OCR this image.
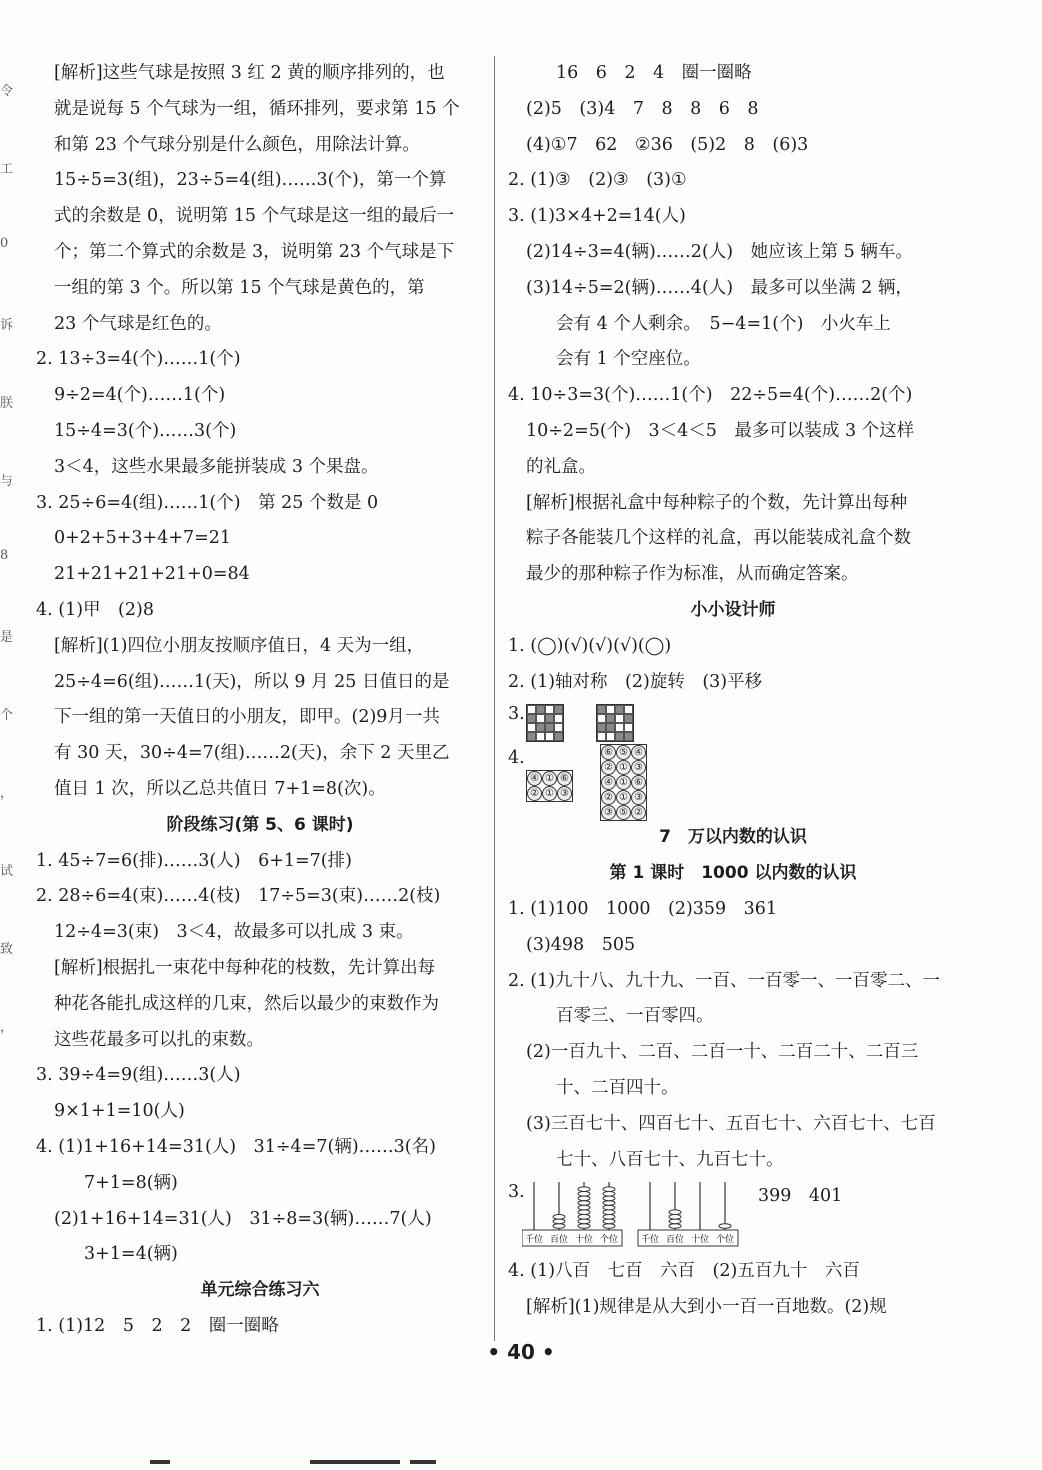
令
工
0
诉
朕
与
8
是
个
，
试
致
，
[解析]这些气球是按照 3 红 2 黄的顺序排列的，也
就是说每 5 个气球为一组，循环排列，要求第 15 个
和第 23 个气球分别是什么颜色，用除法计算。
15÷5=3(组)，23÷5=4(组)……3(个)，第一个算
式的余数是 0，说明第 15 个气球是这一组的最后一
个；第二个算式的余数是 3，说明第 23 个气球是下
一组的第 3 个。所以第 15 个气球是黄色的，第
23 个气球是红色的。
2. 13÷3=4(个)……1(个)
9÷2=4(个)……1(个)
15÷4=3(个)……3(个)
3＜4，这些水果最多能拼装成 3 个果盘。
3. 25÷6=4(组)……1(个)　第 25 个数是 0
0+2+5+3+4+7=21
21+21+21+21+0=84
4. (1)甲　(2)8
[解析](1)四位小朋友按顺序值日，4 天为一组，
25÷4=6(组)……1(天)，所以 9 月 25 日值日的是
下一组的第一天值日的小朋友，即甲。(2)9月一共
有 30 天，30÷4=7(组)……2(天)，余下 2 天里乙
值日 1 次，所以乙总共值日 7+1=8(次)。
阶段练习(第 5、6 课时)
1. 45÷7=6(排)……3(人)　6+1=7(排)
2. 28÷6=4(束)……4(枝)　17÷5=3(束)……2(枝)
12÷4=3(束)　3＜4，故最多可以扎成 3 束。
[解析]根据扎一束花中每种花的枝数，先计算出每
种花各能扎成这样的几束，然后以最少的束数作为
这些花最多可以扎的束数。
3. 39÷4=9(组)……3(人)
9×1+1=10(人)
4. (1)1+16+14=31(人)　31÷4=7(辆)……3(名)
7+1=8(辆)
(2)1+16+14=31(人)　31÷8=3(辆)……7(人)
3+1=4(辆)
单元综合练习六
1. (1)12　5　2　2　圈一圈略
16　6　2　4　圈一圈略
(2)5　(3)4　7　8　8　6　8
(4)①7　62　②36　(5)2　8　(6)3
2. (1)③　(2)③　(3)①
3. (1)3×4+2=14(人)
(2)14÷3=4(辆)……2(人)　她应该上第 5 辆车。
(3)14÷5=2(辆)……4(人)　最多可以坐满 2 辆，
会有 4 个人剩余。　5−4=1(个)　小火车上
会有 1 个空座位。
4. 10÷3=3(个)……1(个)　22÷5=4(个)……2(个)
10÷2=5(个)　3＜4＜5　最多可以装成 3 个这样
的礼盒。
[解析]根据礼盒中每种粽子的个数，先计算出每种
粽子各能装几个这样的礼盒，再以能装成礼盒个数
最少的那种粽子作为标准，从而确定答案。
小小设计师
1. (◯)(√)(√)(√)(◯)
2. (1)轴对称　(2)旋转　(3)平移
3.
4.
④ ① ⑥
② ① ③
⑥ ⑤ ④
② ① ③
④ ① ⑥
② ① ③
③ ⑤ ②
7　万以内数的认识
第 1 课时　1000 以内数的认识
1. (1)100　1000　(2)359　361
(3)498　505
2. (1)九十八、九十九、一百、一百零一、一百零二、一
百零三、一百零四。
(2)一百九十、二百、二百一十、二百二十、二百三
十、二百四十。
(3)三百七十、四百七十、五百七十、六百七十、七百
七十、八百七十、九百七十。
3.
千位 百位 十位 个位	千位 百位 十位 个位
399　401
4. (1)八百　七百　六百　(2)五百九十　六百
[解析](1)规律是从大到小一百一百地数。(2)规
• 40 •
